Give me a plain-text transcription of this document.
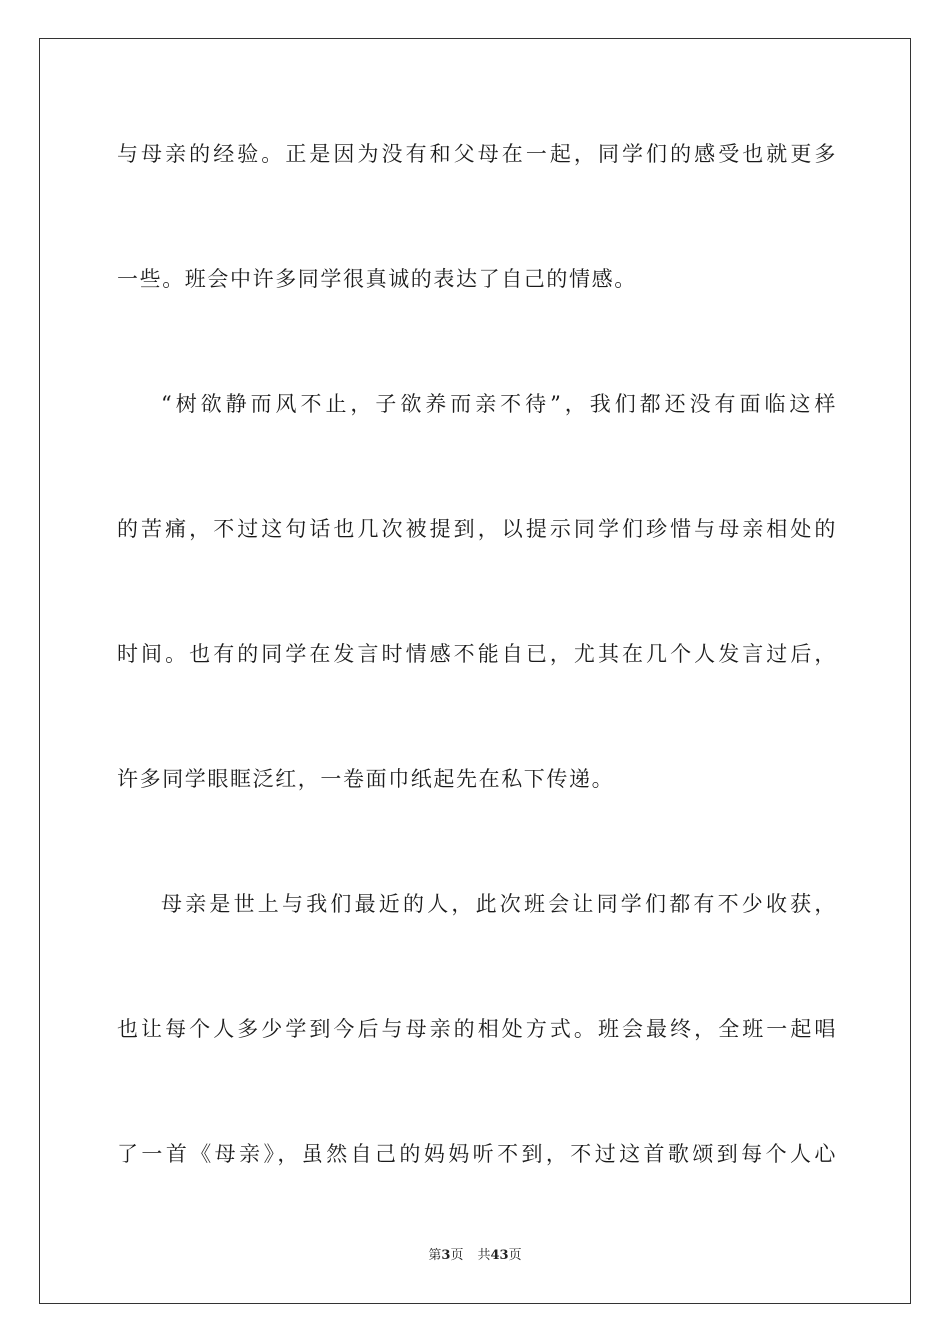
与母亲的经验。正是因为没有和父母在一起，同学们的感受也就更多
一些。班会中许多同学很真诚的表达了自己的情感。
“树欲静而风不止，子欲养而亲不待”，我们都还没有面临这样
的苦痛，不过这句话也几次被提到，以提示同学们珍惜与母亲相处的
时间。也有的同学在发言时情感不能自已，尤其在几个人发言过后，
许多同学眼眶泛红，一卷面巾纸起先在私下传递。
母亲是世上与我们最近的人，此次班会让同学们都有不少收获，
也让每个人多少学到今后与母亲的相处方式。班会最终，全班一起唱
了一首《母亲》，虽然自己的妈妈听不到，不过这首歌颂到每个人心
第3页 共43页
